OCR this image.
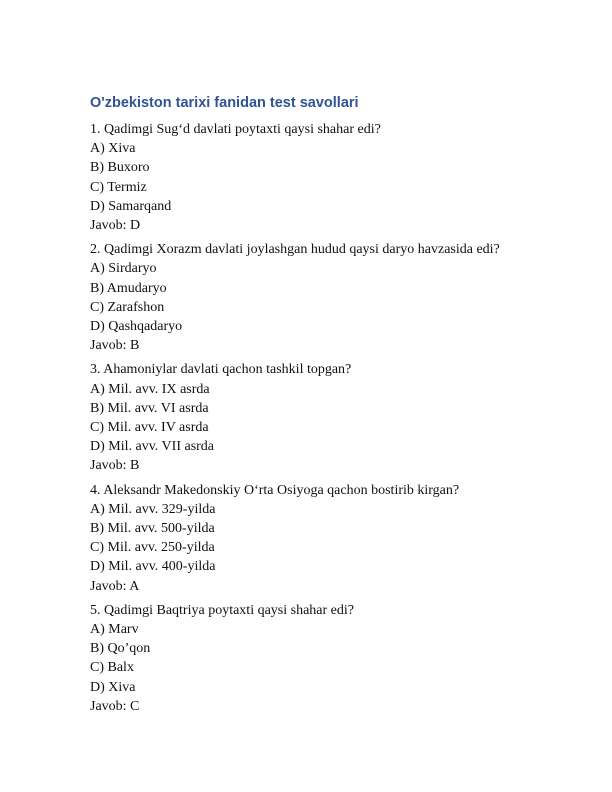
O'zbekiston tarixi fanidan test savollari
1. Qadimgi Sugʻd davlati poytaxti qaysi shahar edi?
A) Xiva
B) Buxoro
C) Termiz
D) Samarqand
Javob: D
2. Qadimgi Xorazm davlati joylashgan hudud qaysi daryo havzasida edi?
A) Sirdaryo
B) Amudaryo
C) Zarafshon
D) Qashqadaryo
Javob: B
3. Ahamoniylar davlati qachon tashkil topgan?
A) Mil. avv. IX asrda
B) Mil. avv. VI asrda
C) Mil. avv. IV asrda
D) Mil. avv. VII asrda
Javob: B
4. Aleksandr Makedonskiy Oʻrta Osiyoga qachon bostirib kirgan?
A) Mil. avv. 329-yilda
B) Mil. avv. 500-yilda
C) Mil. avv. 250-yilda
D) Mil. avv. 400-yilda
Javob: A
5. Qadimgi Baqtriya poytaxti qaysi shahar edi?
A) Marv
B) Qo’qon
C) Balx
D) Xiva
Javob: C
